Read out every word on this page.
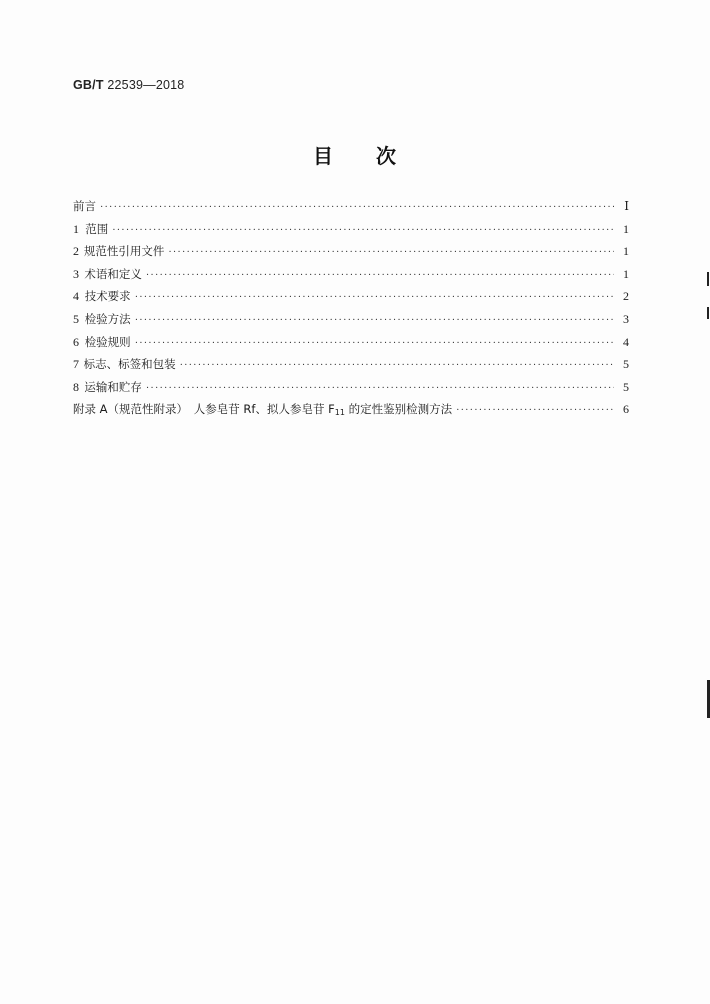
GB/T 22539—2018
目　　次
前言 ·····	Ⅰ
1 范围 ·····	1
2 规范性引用文件 ·····	1
3 术语和定义 ·····	1
4 技术要求 ·····	2
5 检验方法 ·····	3
6 检验规则 ·····	4
7 标志、标签和包装 ·····	5
8 运输和贮存 ·····	5
附录 A（规范性附录）　人参皂苷 Rf、拟人参皂苷 $F_{11}$ 的定性鉴别检测方法 ·····	6
